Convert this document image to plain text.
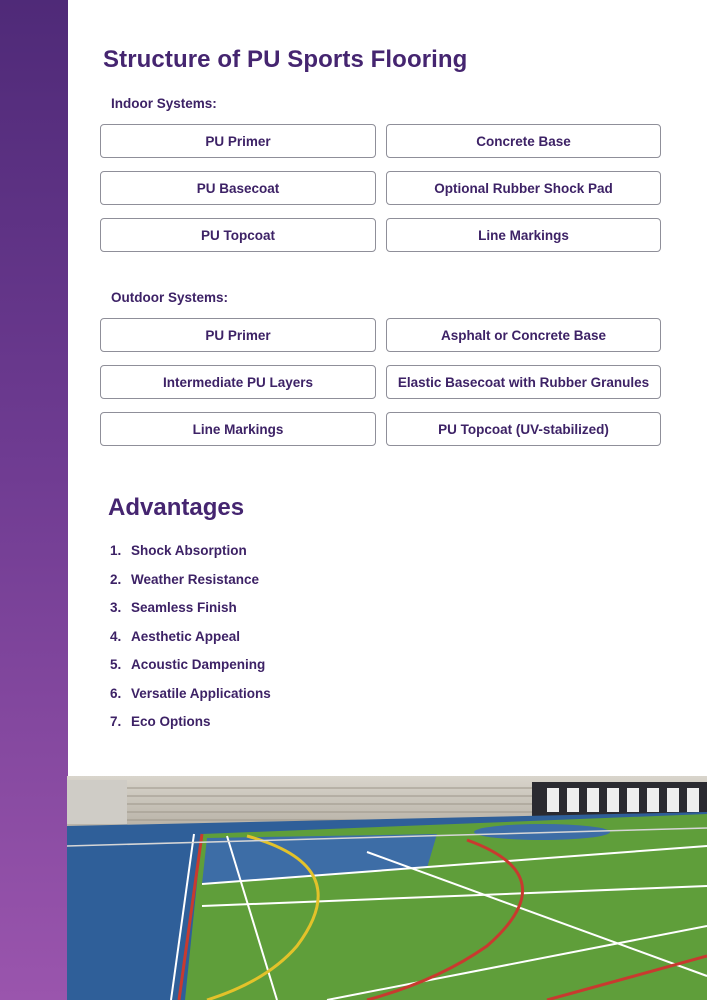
Structure of PU Sports Flooring
Indoor Systems:
PU Primer	Concrete Base
PU Basecoat	Optional Rubber Shock Pad
PU Topcoat	Line Markings
Outdoor Systems:
PU Primer	Asphalt or Concrete Base
Intermediate PU Layers	Elastic Basecoat with Rubber Granules
Line Markings	PU Topcoat (UV-stabilized)
Advantages
1. Shock Absorption
2. Weather Resistance
3. Seamless Finish
4. Aesthetic Appeal
5. Acoustic Dampening
6. Versatile Applications
7. Eco Options
